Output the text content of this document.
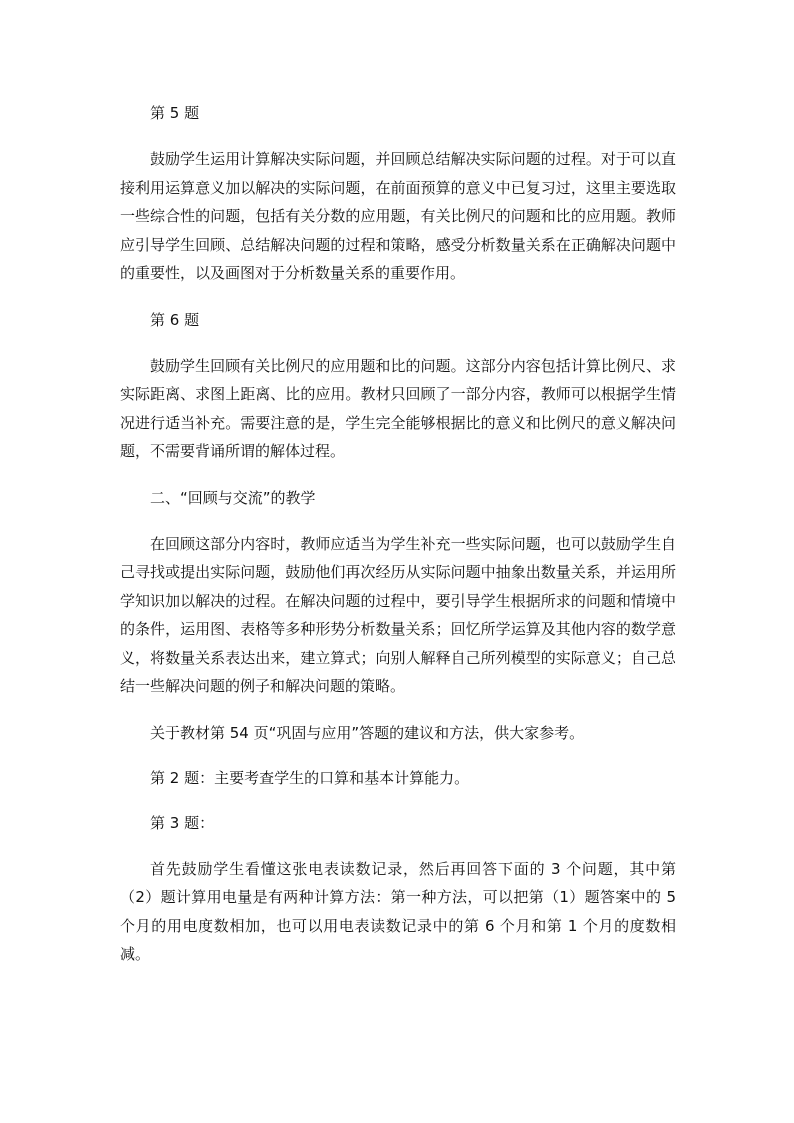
第 5 题

鼓励学生运用计算解决实际问题，并回顾总结解决实际问题的过程。对于可以直接利用运算意义加以解决的实际问题，在前面预算的意义中已复习过，这里主要选取一些综合性的问题，包括有关分数的应用题，有关比例尺的问题和比的应用题。教师应引导学生回顾、总结解决问题的过程和策略，感受分析数量关系在正确解决问题中的重要性，以及画图对于分析数量关系的重要作用。

第 6 题

鼓励学生回顾有关比例尺的应用题和比的问题。这部分内容包括计算比例尺、求实际距离、求图上距离、比的应用。教材只回顾了一部分内容，教师可以根据学生情况进行适当补充。需要注意的是，学生完全能够根据比的意义和比例尺的意义解决问题，不需要背诵所谓的解体过程。

二、“回顾与交流”的教学

在回顾这部分内容时，教师应适当为学生补充一些实际问题，也可以鼓励学生自己寻找或提出实际问题，鼓励他们再次经历从实际问题中抽象出数量关系，并运用所学知识加以解决的过程。在解决问题的过程中，要引导学生根据所求的问题和情境中的条件，运用图、表格等多种形势分析数量关系；回忆所学运算及其他内容的数学意义，将数量关系表达出来，建立算式；向别人解释自己所列模型的实际意义；自己总结一些解决问题的例子和解决问题的策略。

关于教材第 54 页“巩固与应用”答题的建议和方法，供大家参考。

第 2 题：主要考查学生的口算和基本计算能力。

第 3 题：

首先鼓励学生看懂这张电表读数记录，然后再回答下面的 3 个问题，其中第（2）题计算用电量是有两种计算方法：第一种方法，可以把第（1）题答案中的 5 个月的用电度数相加，也可以用电表读数记录中的第 6 个月和第 1 个月的度数相减。
